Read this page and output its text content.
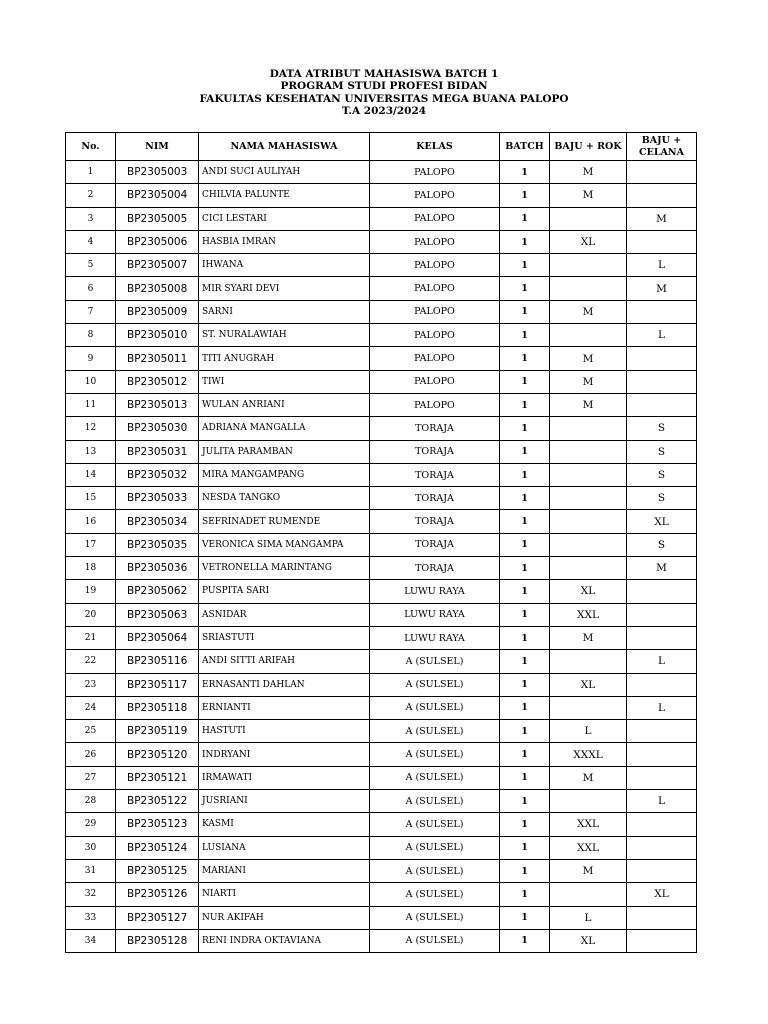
DATA ATRIBUT MAHASISWA BATCH 1
PROGRAM STUDI PROFESI BIDAN
FAKULTAS KESEHATAN UNIVERSITAS MEGA BUANA PALOPO
T.A 2023/2024
No.	NIM	NAMA MAHASISWA	KELAS	BATCH	BAJU + ROK	BAJU + CELANA
1	BP2305003	ANDI SUCI AULIYAH	PALOPO	1	M	
2	BP2305004	CHILVIA PALUNTE	PALOPO	1	M	
3	BP2305005	CICI LESTARI	PALOPO	1		M
4	BP2305006	HASBIA IMRAN	PALOPO	1	XL	
5	BP2305007	IHWANA	PALOPO	1		L
6	BP2305008	MIR SYARI DEVI	PALOPO	1		M
7	BP2305009	SARNI	PALOPO	1	M	
8	BP2305010	ST. NURALAWIAH	PALOPO	1		L
9	BP2305011	TITI ANUGRAH	PALOPO	1	M	
10	BP2305012	TIWI	PALOPO	1	M	
11	BP2305013	WULAN ANRIANI	PALOPO	1	M	
12	BP2305030	ADRIANA MANGALLA	TORAJA	1		S
13	BP2305031	JULITA PARAMBAN	TORAJA	1		S
14	BP2305032	MIRA MANGAMPANG	TORAJA	1		S
15	BP2305033	NESDA TANGKO	TORAJA	1		S
16	BP2305034	SEFRINADET RUMENDE	TORAJA	1		XL
17	BP2305035	VERONICA SIMA MANGAMPA	TORAJA	1		S
18	BP2305036	VETRONELLA MARINTANG	TORAJA	1		M
19	BP2305062	PUSPITA SARI	LUWU RAYA	1	XL	
20	BP2305063	ASNIDAR	LUWU RAYA	1	XXL	
21	BP2305064	SRIASTUTI	LUWU RAYA	1	M	
22	BP2305116	ANDI SITTI ARIFAH	A (SULSEL)	1		L
23	BP2305117	ERNASANTI DAHLAN	A (SULSEL)	1	XL	
24	BP2305118	ERNIANTI	A (SULSEL)	1		L
25	BP2305119	HASTUTI	A (SULSEL)	1	L	
26	BP2305120	INDRYANI	A (SULSEL)	1	XXXL	
27	BP2305121	IRMAWATI	A (SULSEL)	1	M	
28	BP2305122	JUSRIANI	A (SULSEL)	1		L
29	BP2305123	KASMI	A (SULSEL)	1	XXL	
30	BP2305124	LUSIANA	A (SULSEL)	1	XXL	
31	BP2305125	MARIANI	A (SULSEL)	1	M	
32	BP2305126	NIARTI	A (SULSEL)	1		XL
33	BP2305127	NUR AKIFAH	A (SULSEL)	1	L	
34	BP2305128	RENI INDRA OKTAVIANA	A (SULSEL)	1	XL	
